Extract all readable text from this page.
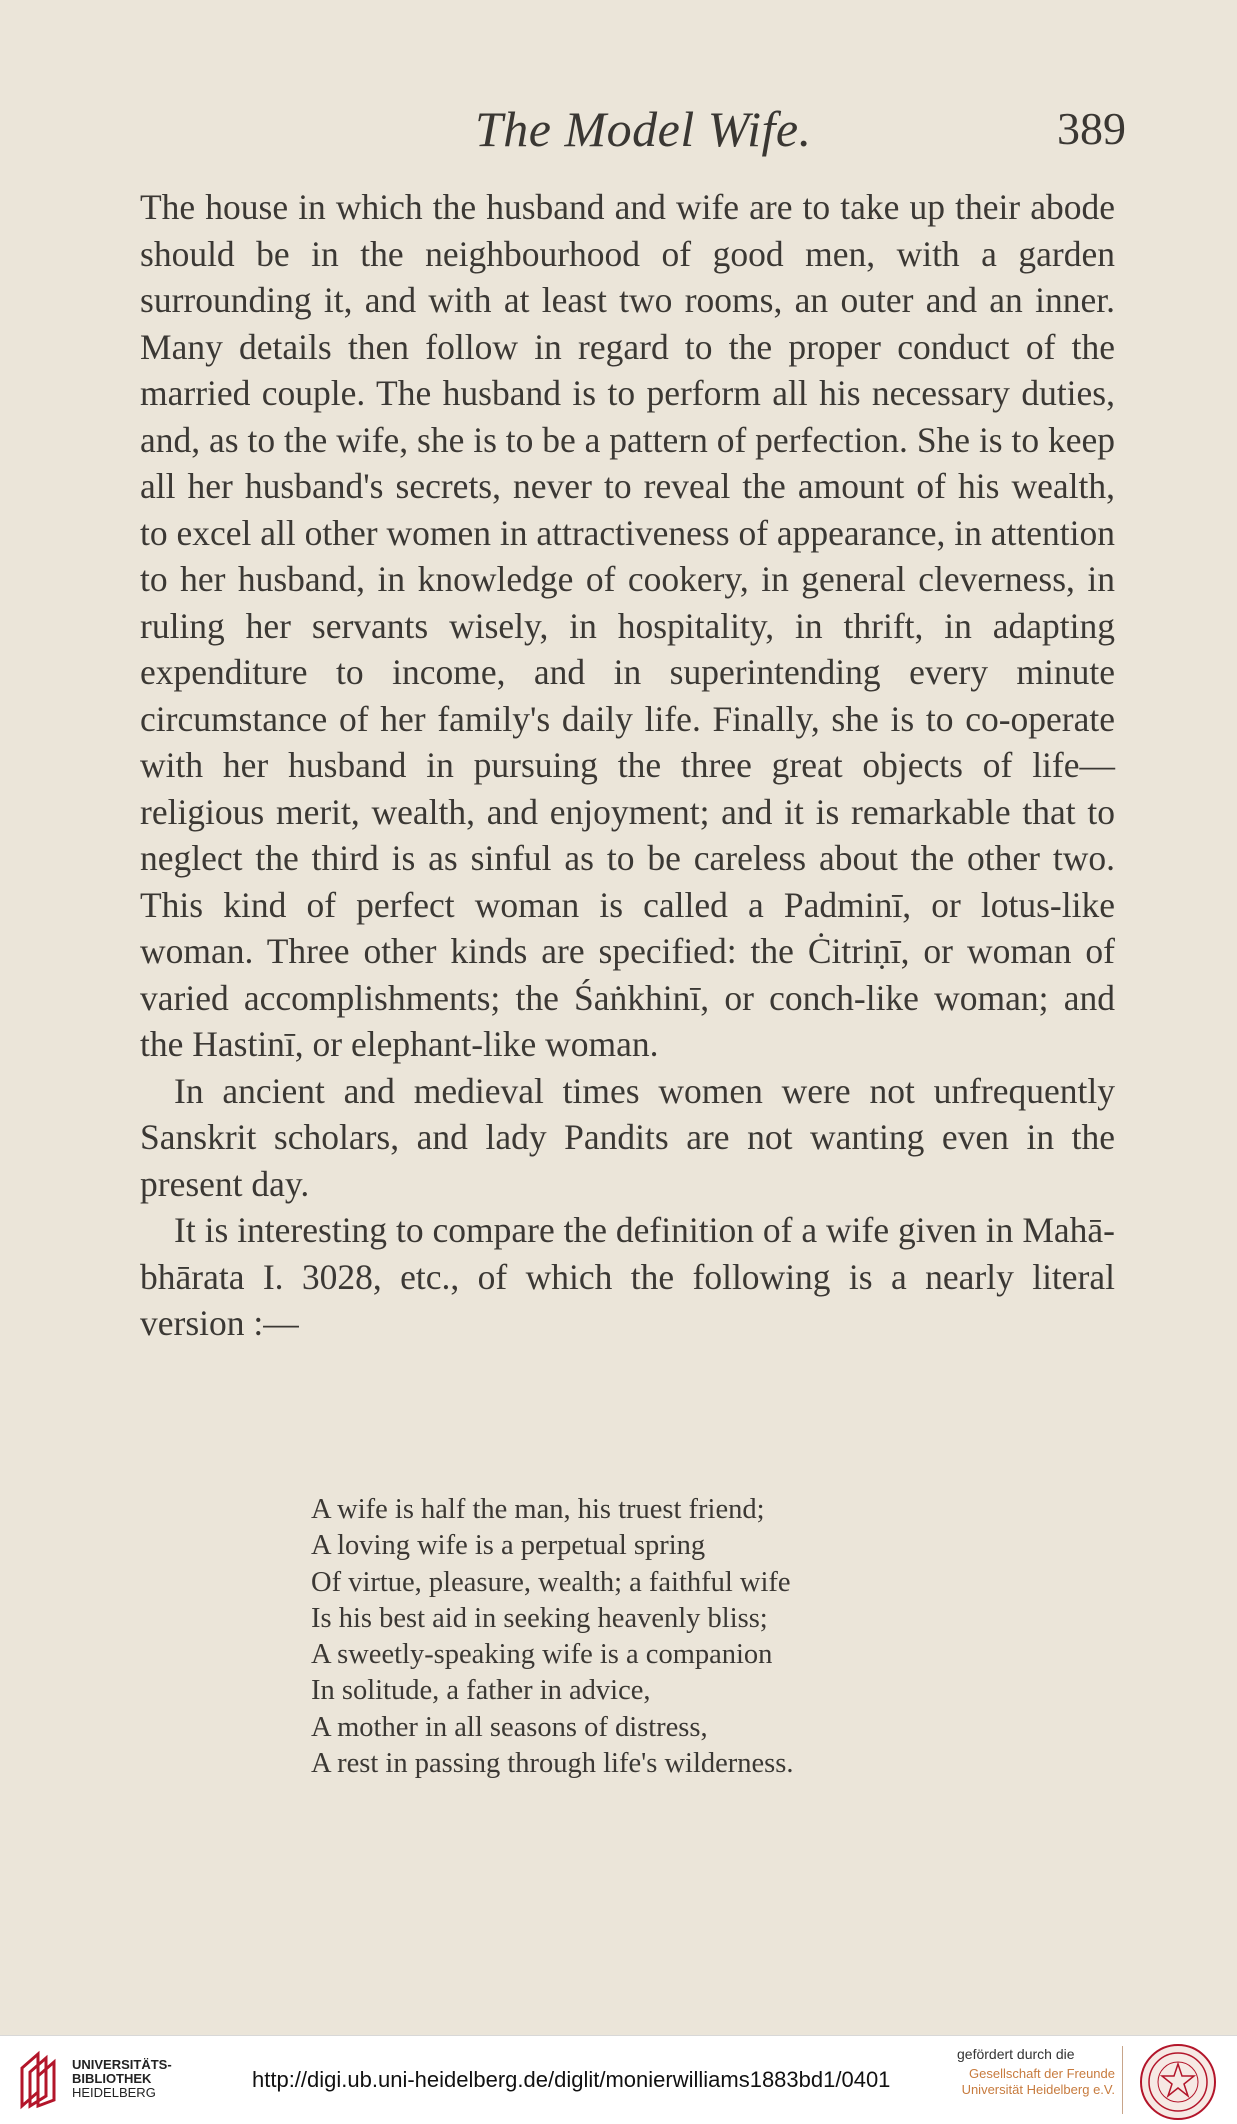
The Model Wife.	389

The house in which the husband and wife are to take up their abode should be in the neighbourhood of good men, with a garden surrounding it, and with at least two rooms, an outer and an inner. Many details then follow in regard to the proper conduct of the married couple. The husband is to perform all his necessary duties, and, as to the wife, she is to be a pattern of perfection. She is to keep all her husband's secrets, never to reveal the amount of his wealth, to excel all other women in attractiveness of appearance, in attention to her husband, in knowledge of cookery, in general cleverness, in ruling her servants wisely, in hospitality, in thrift, in adapting expenditure to income, and in superintending every minute circumstance of her family's daily life. Finally, she is to co-operate with her husband in pursuing the three great objects of life—religious merit, wealth, and enjoyment; and it is remarkable that to neglect the third is as sinful as to be careless about the other two. This kind of perfect woman is called a Padminī, or lotus-like woman. Three other kinds are specified: the Ċitriṇī, or woman of varied accomplishments; the Śaṅkhinī, or conch-like woman; and the Hastinī, or elephant-like woman.

In ancient and medieval times women were not unfrequently Sanskrit scholars, and lady Pandits are not wanting even in the present day.

It is interesting to compare the definition of a wife given in Mahā-bhārata I. 3028, etc., of which the following is a nearly literal version :—

A wife is half the man, his truest friend;
A loving wife is a perpetual spring
Of virtue, pleasure, wealth; a faithful wife
Is his best aid in seeking heavenly bliss;
A sweetly-speaking wife is a companion
In solitude, a father in advice,
A mother in all seasons of distress,
A rest in passing through life's wilderness.
UNIVERSITÄTS-
BIBLIOTHEK
HEIDELBERG
http://digi.ub.uni-heidelberg.de/diglit/monierwilliams1883bd1/0401
gefördert durch die
Gesellschaft der Freunde
Universität Heidelberg e.V.
